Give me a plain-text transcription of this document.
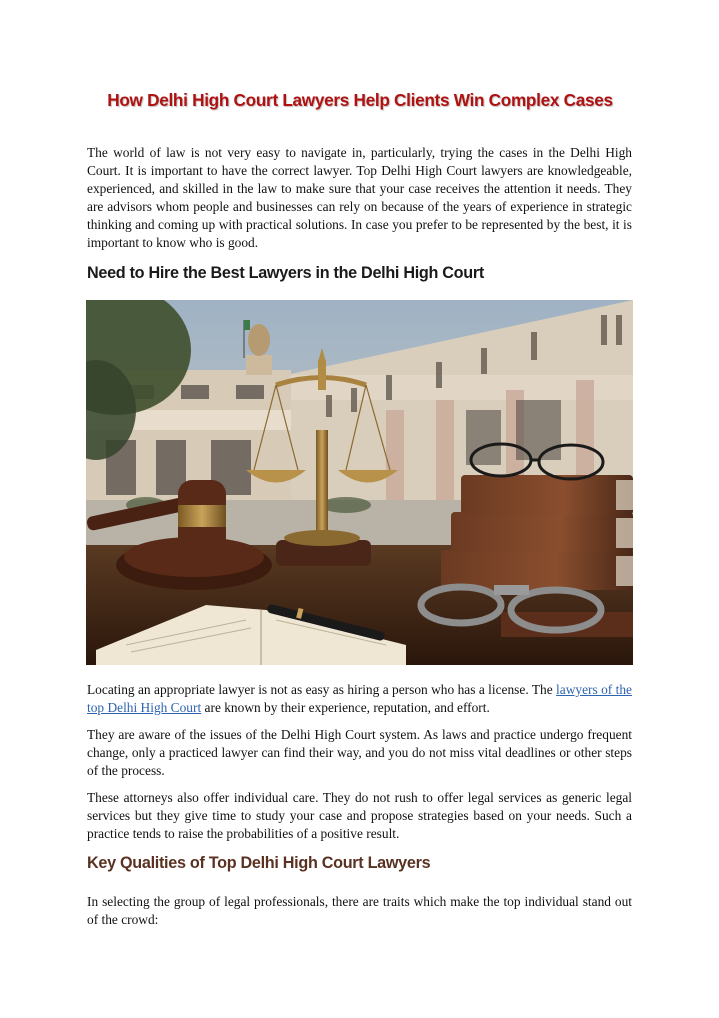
How Delhi High Court Lawyers Help Clients Win Complex Cases

The world of law is not very easy to navigate in, particularly, trying the cases in the Delhi High Court. It is important to have the correct lawyer. Top Delhi High Court lawyers are knowledgeable, experienced, and skilled in the law to make sure that your case receives the attention it needs. They are advisors whom people and businesses can rely on because of the years of experience in strategic thinking and coming up with practical solutions. In case you prefer to be represented by the best, it is important to know who is good.

Need to Hire the Best Lawyers in the Delhi High Court

Locating an appropriate lawyer is not as easy as hiring a person who has a license. The lawyers of the top Delhi High Court are known by their experience, reputation, and effort.

They are aware of the issues of the Delhi High Court system. As laws and practice undergo frequent change, only a practiced lawyer can find their way, and you do not miss vital deadlines or other steps of the process.

These attorneys also offer individual care. They do not rush to offer legal services as generic legal services but they give time to study your case and propose strategies based on your needs. Such a practice tends to raise the probabilities of a positive result.

Key Qualities of Top Delhi High Court Lawyers

In selecting the group of legal professionals, there are traits which make the top individual stand out of the crowd:
